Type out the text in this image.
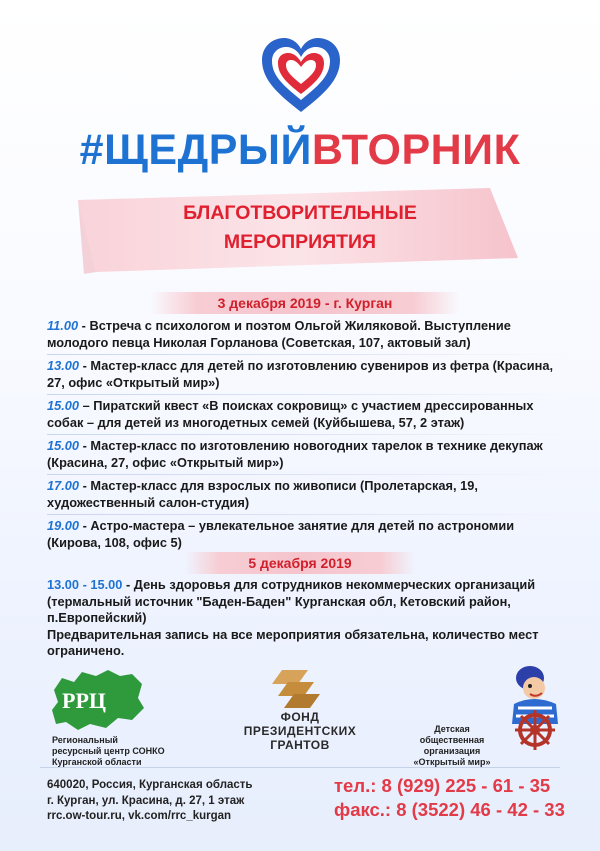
#ЩЕДРЫЙВТОРНИК
БЛАГОТВОРИТЕЛЬНЫЕ
МЕРОПРИЯТИЯ
3 декабря 2019 - г. Курган

11.00 - Встреча с психологом и поэтом Ольгой Жиляковой. Выступление молодого певца Николая Горланова (Советская, 107, актовый зал)

13.00 - Мастер-класс для детей по изготовлению сувениров из фетра (Красина, 27, офис «Открытый мир»)

15.00 – Пиратский квест «В поисках сокровищ» с участием дрессированных собак – для детей из многодетных семей (Куйбышева, 57, 2 этаж)

15.00 - Мастер-класс по изготовлению новогодних тарелок в технике декупаж (Красина, 27, офис «Открытый мир»)

17.00 - Мастер-класс для взрослых по живописи (Пролетарская, 19, художественный салон-студия)

19.00 - Астро-мастера – увлекательное занятие для детей по астрономии (Кирова, 108, офис 5)

5 декабря 2019

13.00 - 15.00 - День здоровья для сотрудников некоммерческих организаций (термальный источник "Баден-Баден" Курганская обл, Кетовский район, п.Европейский)

Предварительная запись на все мероприятия обязательна, количество мест ограничено.

РРЦ
Региональный
ресурсный центр СОНКО
Курганской области
ФОНД
ПРЕЗИДЕНТСКИХ
ГРАНТОВ
Детская
общественная
организация
«Открытый мир»
640020, Россия, Курганская область
г. Курган, ул. Красина, д. 27, 1 этаж
rrc.ow-tour.ru, vk.com/rrc_kurgan
тел.: 8 (929) 225 - 61 - 35
факс.: 8 (3522) 46 - 42 - 33
